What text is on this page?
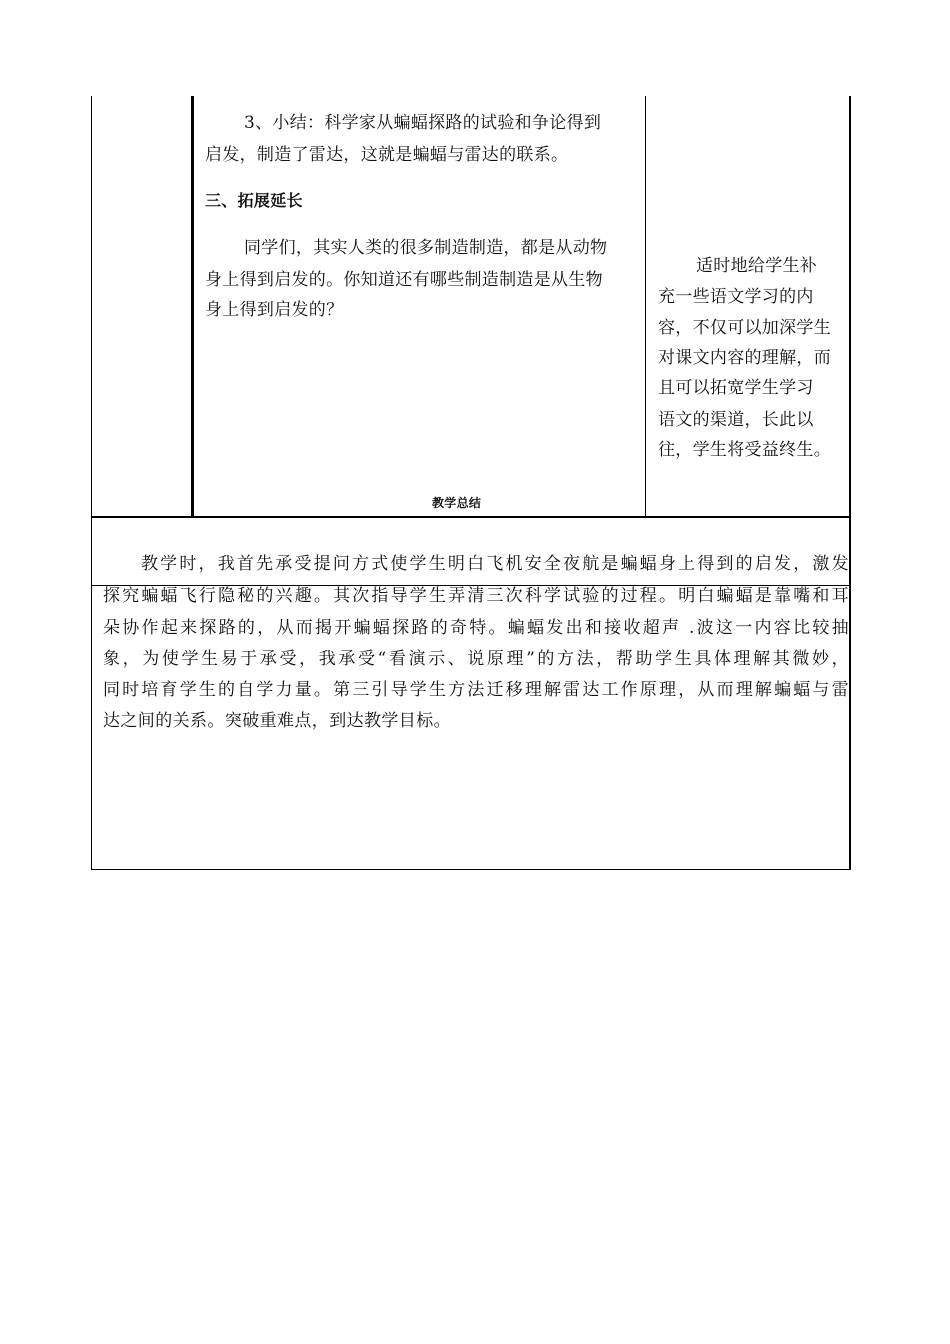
3、小结：科学家从蝙蝠探路的试验和争论得到
启发，制造了雷达，这就是蝙蝠与雷达的联系。
三、拓展延长
同学们，其实人类的很多制造制造，都是从动物
身上得到启发的。你知道还有哪些制造制造是从生物
身上得到启发的？
适时地给学生补
充一些语文学习的内
容，不仅可以加深学生
对课文内容的理解，而
且可以拓宽学生学习
语文的渠道，长此以
往，学生将受益终生。
教学总结
教学时，我首先承受提问方式使学生明白飞机安全夜航是蝙蝠身上得到的启发，激发
探究蝙蝠飞行隐秘的兴趣。其次指导学生弄清三次科学试验的过程。明白蝙蝠是靠嘴和耳
朵协作起来探路的，从而揭开蝙蝠探路的奇特。蝙蝠发出和接收超声 .波这一内容比较抽
象，为使学生易于承受，我承受“看演示、说原理”的方法，帮助学生具体理解其微妙，
同时培育学生的自学力量。第三引导学生方法迁移理解雷达工作原理，从而理解蝙蝠与雷
达之间的关系。突破重难点，到达教学目标。
